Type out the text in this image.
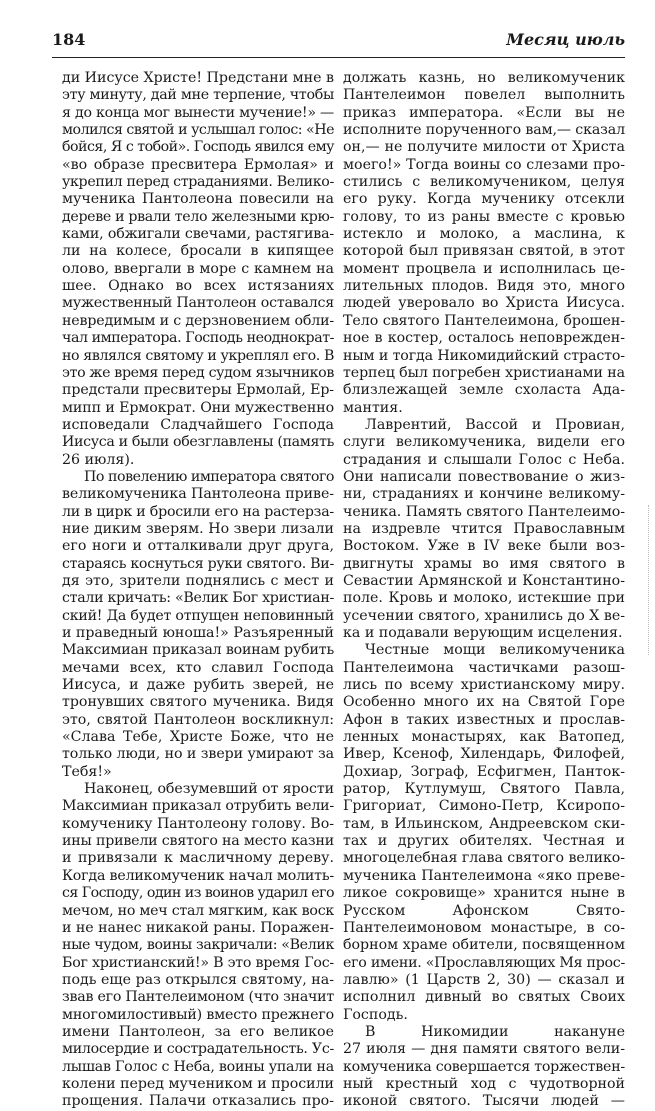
184	Месяц июль
ди Иисусе Христе! Предстани мне в
эту минуту, дай мне терпение, чтобы
я до конца мог вынести мучение!» —
молился святой и услышал голос: «Не
бойся, Я с тобой». Господь явился ему
«во образе пресвитера Ермолая» и
укрепил перед страданиями. Велико-
мученика Пантолеона повесили на
дереве и рвали тело железными крю-
ками, обжигали свечами, растягива-
ли на колесе, бросали в кипящее
олово, ввергали в море с камнем на
шее. Однако во всех истязаниях
мужественный Пантолеон оставался
невредимым и с дерзновением обли-
чал императора. Господь неоднократ-
но являлся святому и укреплял его. В
это же время перед судом язычников
предстали пресвитеры Ермолай, Ер-
мипп и Ермократ. Они мужественно
исповедали Сладчайшего Господа
Иисуса и были обезглавлены (память
26 июля).
По повелению императора святого
великомученика Пантолеона приве-
ли в цирк и бросили его на растерза-
ние диким зверям. Но звери лизали
его ноги и отталкивали друг друга,
стараясь коснуться руки святого. Ви-
дя это, зрители поднялись с мест и
стали кричать: «Велик Бог христиан-
ский! Да будет отпущен неповинный
и праведный юноша!» Разъяренный
Максимиан приказал воинам рубить
мечами всех, кто славил Господа
Иисуса, и даже рубить зверей, не
тронувших святого мученика. Видя
это, святой Пантолеон воскликнул:
«Слава Тебе, Христе Боже, что не
только люди, но и звери умирают за
Тебя!»
Наконец, обезумевший от ярости
Максимиан приказал отрубить вели-
комученику Пантолеону голову. Во-
ины привели святого на место казни
и привязали к масличному дереву.
Когда великомученик начал молить-
ся Господу, один из воинов ударил его
мечом, но меч стал мягким, как воск
и не нанес никакой раны. Поражен-
ные чудом, воины закричали: «Велик
Бог христианский!» В это время Гос-
подь еще раз открылся святому, на-
звав его Пантелеимоном (что значит
многомилостивый) вместо прежнего
имени Пантолеон, за его великое
милосердие и сострадательность. Ус-
лышав Голос с Неба, воины упали на
колени перед мучеником и просили
прощения. Палачи отказались про-
должать казнь, но великомученик
Пантелеимон повелел выполнить
приказ императора. «Если вы не
исполните порученного вам,— сказал
он,— не получите милости от Христа
моего!» Тогда воины со слезами про-
стились с великомучеником, целуя
его руку. Когда мученику отсекли
голову, то из раны вместе с кровью
истекло и молоко, а маслина, к
которой был привязан святой, в этот
момент процвела и исполнилась це-
лительных плодов. Видя это, много
людей уверовало во Христа Иисуса.
Тело святого Пантелеимона, брошен-
ное в костер, осталось неповрежден-
ным и тогда Никомидийский страсто-
терпец был погребен христианами на
близлежащей земле схоласта Ада-
мантия.
Лаврентий, Вассой и Провиан,
слуги великомученика, видели его
страдания и слышали Голос с Неба.
Они написали повествование о жиз-
ни, страданиях и кончине великому-
ченика. Память святого Пантелеимо-
на издревле чтится Православным
Востоком. Уже в IV веке были воз-
двигнуты храмы во имя святого в
Севастии Армянской и Константино-
поле. Кровь и молоко, истекшие при
усечении святого, хранились до X ве-
ка и подавали верующим исцеления.
Честные мощи великомученика
Пантелеимона частичками разош-
лись по всему христианскому миру.
Особенно много их на Святой Горе
Афон в таких известных и прослав-
ленных монастырях, как Ватопед,
Ивер, Ксеноф, Хилендарь, Филофей,
Дохиар, Зограф, Есфигмен, Панток-
ратор, Кутлумуш, Святого Павла,
Григориат, Симоно-Петр, Ксиропо-
там, в Ильинском, Андреевском ски-
тах и других обителях. Честная и
многоцелебная глава святого велико-
мученика Пантелеимона «яко преве-
ликое сокровище» хранится ныне в
Русском Афонском Свято-
Пантелеимоновом монастыре, в со-
борном храме обители, посвященном
его имени. «Прославляющих Мя прос-
лавлю» (1 Царств 2, 30) — сказал и
исполнил дивный во святых Своих
Господь.
В Никомидии накануне
27 июля — дня памяти святого вели-
комученика совершается торжествен-
ный крестный ход с чудотворной
иконой святого. Тысячи людей —
